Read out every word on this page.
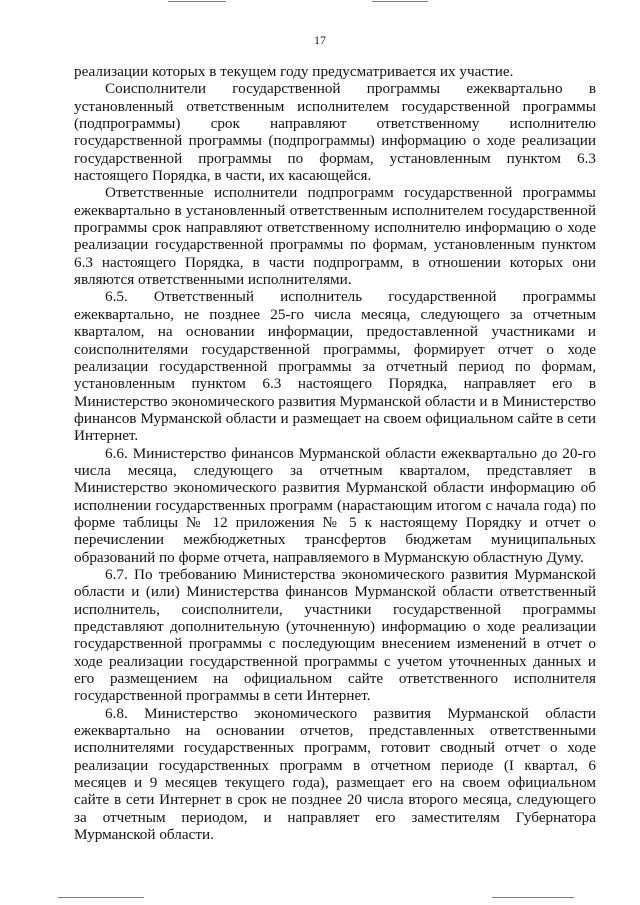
17

реализации которых в текущем году предусматривается их участие.

Соисполнители государственной программы ежеквартально в установленный ответственным исполнителем государственной программы (подпрограммы) срок направляют ответственному исполнителю государственной программы (подпрограммы) информацию о ходе реализации государственной программы по формам, установленным пунктом 6.3 настоящего Порядка, в части, их касающейся.

Ответственные исполнители подпрограмм государственной программы ежеквартально в установленный ответственным исполнителем государственной программы срок направляют ответственному исполнителю информацию о ходе реализации государственной программы по формам, установленным пунктом 6.3 настоящего Порядка, в части подпрограмм, в отношении которых они являются ответственными исполнителями.

6.5. Ответственный исполнитель государственной программы ежеквартально, не позднее 25-го числа месяца, следующего за отчетным кварталом, на основании информации, предоставленной участниками и соисполнителями государственной программы, формирует отчет о ходе реализации государственной программы за отчетный период по формам, установленным пунктом 6.3 настоящего Порядка, направляет его в Министерство экономического развития Мурманской области и в Министерство финансов Мурманской области и размещает на своем официальном сайте в сети Интернет.

6.6. Министерство финансов Мурманской области ежеквартально до 20-го числа месяца, следующего за отчетным кварталом, представляет в Министерство экономического развития Мурманской области информацию об исполнении государственных программ (нарастающим итогом с начала года) по форме таблицы № 12 приложения № 5 к настоящему Порядку и отчет о перечислении межбюджетных трансфертов бюджетам муниципальных образований по форме отчета, направляемого в Мурманскую областную Думу.

6.7. По требованию Министерства экономического развития Мурманской области и (или) Министерства финансов Мурманской области ответственный исполнитель, соисполнители, участники государственной программы представляют дополнительную (уточненную) информацию о ходе реализации государственной программы с последующим внесением изменений в отчет о ходе реализации государственной программы с учетом уточненных данных и его размещением на официальном сайте ответственного исполнителя государственной программы в сети Интернет.

6.8. Министерство экономического развития Мурманской области ежеквартально на основании отчетов, представленных ответственными исполнителями государственных программ, готовит сводный отчет о ходе реализации государственных программ в отчетном периоде (I квартал, 6 месяцев и 9 месяцев текущего года), размещает его на своем официальном сайте в сети Интернет в срок не позднее 20 числа второго месяца, следующего за отчетным периодом, и направляет его заместителям Губернатора Мурманской области.
